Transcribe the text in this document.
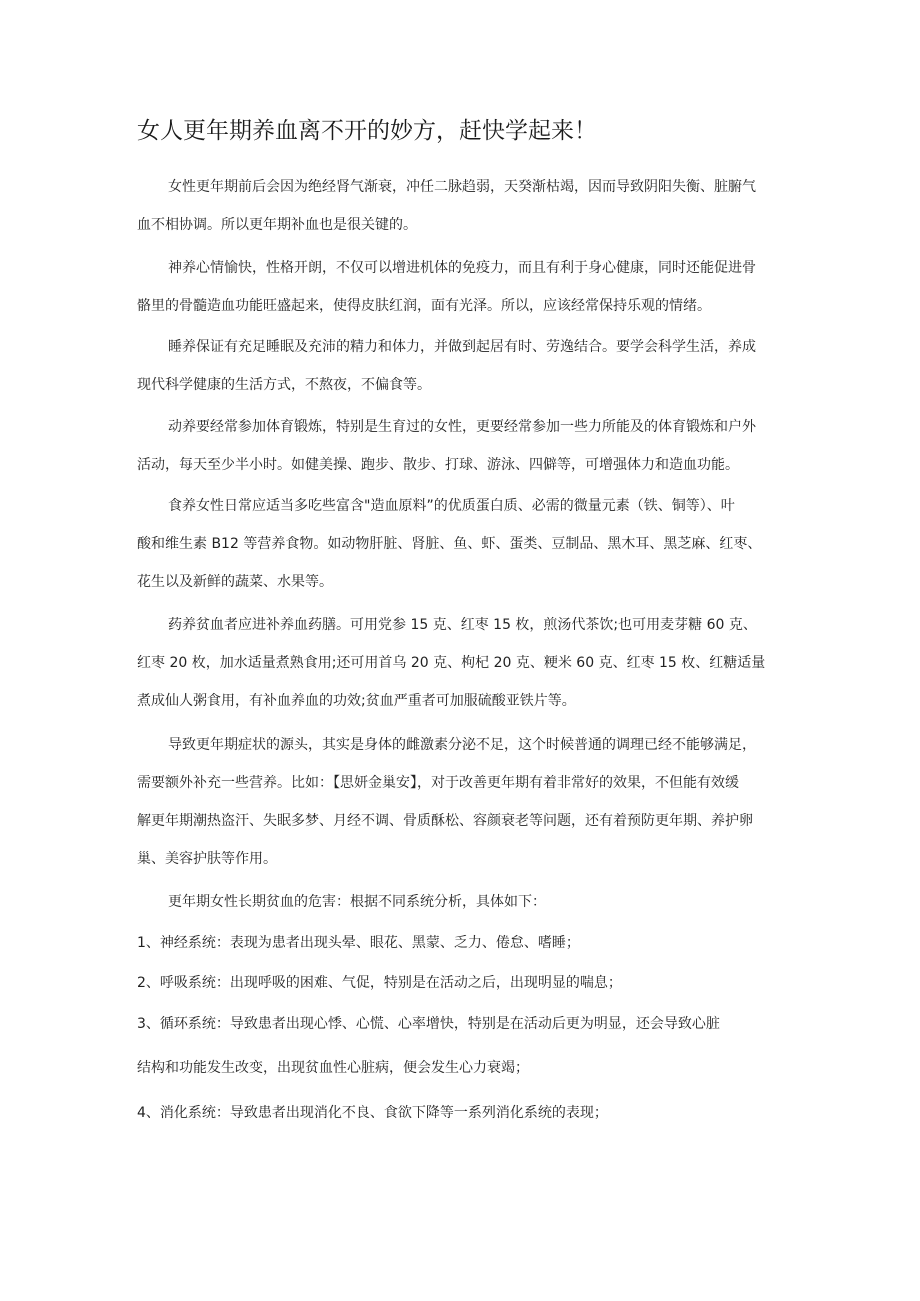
女人更年期养血离不开的妙方，赶快学起来！
女性更年期前后会因为绝经肾气渐衰，冲任二脉趋弱，天癸渐枯竭，因而导致阴阳失衡、脏腑气
血不相协调。所以更年期补血也是很关键的。
神养心情愉快，性格开朗，不仅可以增进机体的免疫力，而且有利于身心健康，同时还能促进骨
骼里的骨髓造血功能旺盛起来，使得皮肤红润，面有光泽。所以，应该经常保持乐观的情绪。
睡养保证有充足睡眠及充沛的精力和体力，并做到起居有时、劳逸结合。要学会科学生活，养成
现代科学健康的生活方式，不熬夜，不偏食等。
动养要经常参加体育锻炼，特别是生育过的女性，更要经常参加一些力所能及的体育锻炼和户外
活动，每天至少半小时。如健美操、跑步、散步、打球、游泳、四僻等，可增强体力和造血功能。
食养女性日常应适当多吃些富含"造血原料”的优质蛋白质、必需的微量元素（铁、铜等）、叶
酸和维生素 B12 等营养食物。如动物肝脏、肾脏、鱼、虾、蛋类、豆制品、黑木耳、黑芝麻、红枣、
花生以及新鲜的蔬菜、水果等。
药养贫血者应进补养血药膳。可用党参 15 克、红枣 15 枚，煎汤代茶饮;也可用麦芽糖 60 克、
红枣 20 枚，加水适量煮熟食用;还可用首乌 20 克、枸杞 20 克、粳米 60 克、红枣 15 枚、红糖适量
煮成仙人粥食用，有补血养血的功效;贫血严重者可加服硫酸亚铁片等。
导致更年期症状的源头，其实是身体的雌激素分泌不足，这个时候普通的调理已经不能够满足，
需要额外补充一些营养。比如：【思妍金巢安】，对于改善更年期有着非常好的效果，不但能有效缓
解更年期潮热盗汗、失眠多梦、月经不调、骨质酥松、容颜衰老等问题，还有着预防更年期、养护卵
巢、美容护肤等作用。
更年期女性长期贫血的危害：根据不同系统分析，具体如下：
1、神经系统：表现为患者出现头晕、眼花、黑蒙、乏力、倦怠、嗜睡；
2、呼吸系统：出现呼吸的困难、气促，特别是在活动之后，出现明显的喘息；
3、循环系统：导致患者出现心悸、心慌、心率增快，特别是在活动后更为明显，还会导致心脏
结构和功能发生改变，出现贫血性心脏病，便会发生心力衰竭；
4、消化系统：导致患者出现消化不良、食欲下降等一系列消化系统的表现；
